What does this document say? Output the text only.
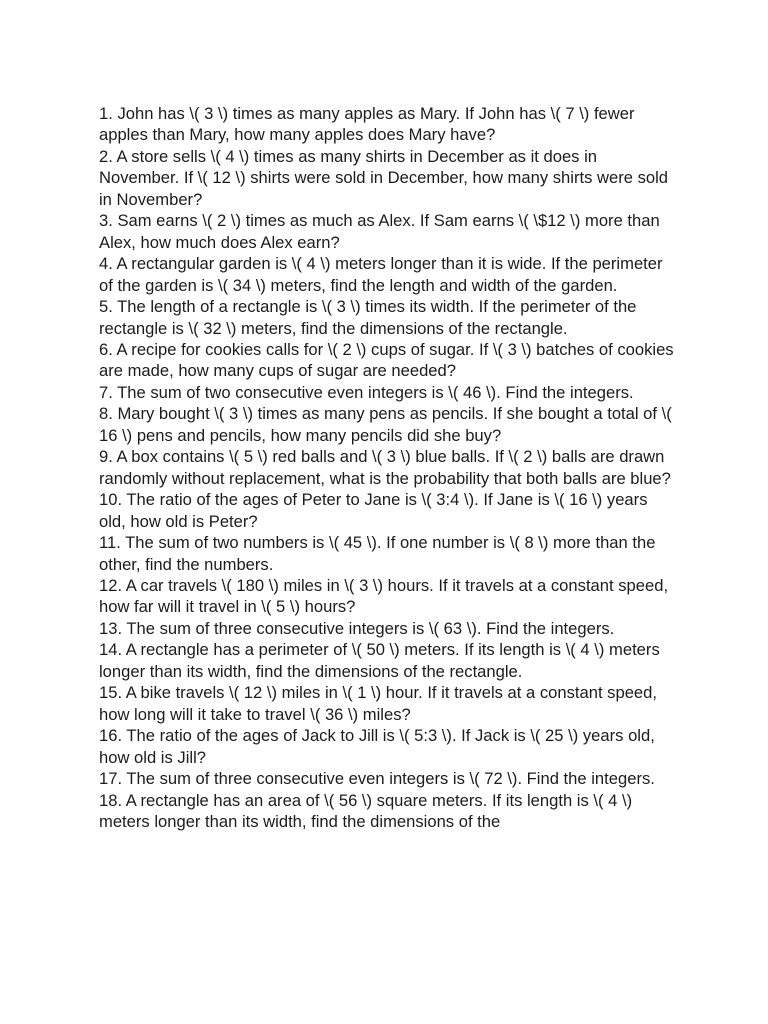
1. John has \( 3 \) times as many apples as Mary. If John has \( 7 \) fewer apples than Mary, how many apples does Mary have?

2. A store sells \( 4 \) times as many shirts in December as it does in November. If \( 12 \) shirts were sold in December, how many shirts were sold in November?

3. Sam earns \( 2 \) times as much as Alex. If Sam earns \( \$12 \) more than Alex, how much does Alex earn?

4. A rectangular garden is \( 4 \) meters longer than it is wide. If the perimeter of the garden is \( 34 \) meters, find the length and width of the garden.

5. The length of a rectangle is \( 3 \) times its width. If the perimeter of the rectangle is \( 32 \) meters, find the dimensions of the rectangle.

6. A recipe for cookies calls for \( 2 \) cups of sugar. If \( 3 \) batches of cookies are made, how many cups of sugar are needed?

7. The sum of two consecutive even integers is \( 46 \). Find the integers.

8. Mary bought \( 3 \) times as many pens as pencils. If she bought a total of \( 16 \) pens and pencils, how many pencils did she buy?

9. A box contains \( 5 \) red balls and \( 3 \) blue balls. If \( 2 \) balls are drawn randomly without replacement, what is the probability that both balls are blue?

10. The ratio of the ages of Peter to Jane is \( 3:4 \). If Jane is \( 16 \) years old, how old is Peter?

11. The sum of two numbers is \( 45 \). If one number is \( 8 \) more than the other, find the numbers.

12. A car travels \( 180 \) miles in \( 3 \) hours. If it travels at a constant speed, how far will it travel in \( 5 \) hours?

13. The sum of three consecutive integers is \( 63 \). Find the integers.

14. A rectangle has a perimeter of \( 50 \) meters. If its length is \( 4 \) meters longer than its width, find the dimensions of the rectangle.

15. A bike travels \( 12 \) miles in \( 1 \) hour. If it travels at a constant speed, how long will it take to travel \( 36 \) miles?

16. The ratio of the ages of Jack to Jill is \( 5:3 \). If Jack is \( 25 \) years old, how old is Jill?

17. The sum of three consecutive even integers is \( 72 \). Find the integers.

18. A rectangle has an area of \( 56 \) square meters. If its length is \( 4 \) meters longer than its width, find the dimensions of the
